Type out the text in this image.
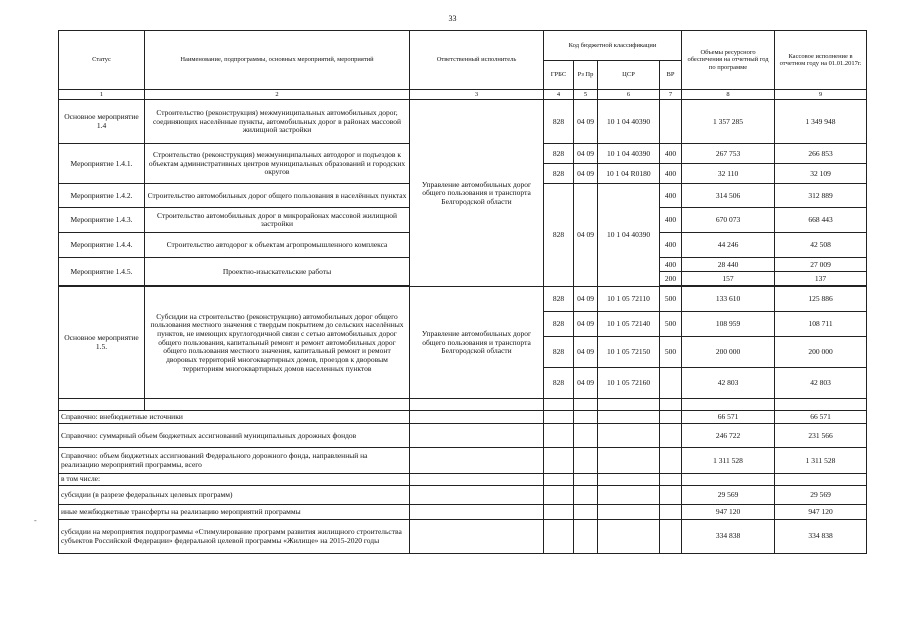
33
-
Статус	Наименование, подпрограммы, основных мероприятий, мероприятий	Ответственный исполнитель	Код бюджетной классификации				Объемы ресурсного обеспечения на отчетный год по программе	Кассовое исполнение в отчетном году на 01.01.2017г.
			ГРБС	Рз Пр	ЦСР	ВР		
1	2	3	4	5	6	7	8	9
Основное мероприятие 1.4	Строительство (реконструкция) межмуниципальных автомобильных дорог, соединяющих населённые пункты, автомобильных дорог в районах массовой жилищной застройки	Управление автомобильных дорог общего пользования и транспорта Белгородской области	828	04 09	10 1 04 40390		1 357 285	1 349 948
Мероприятие 1.4.1.	Строительство (реконструкция) межмуниципальных автодорог и подъездов к объектам административных центров муниципальных образований и городских округов		828	04 09	10 1 04 40390	400	267 753	266 853
			828	04 09	10 1 04 R0180	400	32 110	32 109
Мероприятие 1.4.2.	Строительство автомобильных дорог общего пользования в населённых пунктах		828	04 09	10 1 04 40390	400	314 506	312 889
Мероприятие 1.4.3.	Строительство автомобильных дорог в микрорайонах массовой жилищной застройки					400	670 073	668 443
Мероприятие 1.4.4.	Строительство автодорог к объектам агропромышленного комплекса					400	44 246	42 508
Мероприятие 1.4.5.	Проектно-изыскательские работы					400	28 440	27 009
						200	157	137

Основное мероприятие 1.5.	Субсидии на строительство (реконструкцию) автомобильных дорог общего пользования местного значения с твердым покрытием до сельских населённых пунктов, не имеющих круглогодичной связи с сетью автомобильных дорог общего пользования, капитальный ремонт и ремонт автомобильных дорог общего пользования местного значения, капитальный ремонт и ремонт дворовых территорий многоквартирных домов, проездов к дворовым территориям многоквартирных домов населенных пунктов	Управление автомобильных дорог общего пользования и транспорта Белгородской области	828	04 09	10 1 05 72110	500	133 610	125 886
			828	04 09	10 1 05 72140	500	108 959	108 711
			828	04 09	10 1 05 72150	500	200 000	200 000
			828	04 09	10 1 05 72160		42 803	42 803

Справочно: внебюджетные источники							66 571	66 571
Справочно: суммарный объем бюджетных ассигнований муниципальных дорожных фондов							246 722	231 566
Справочно: объем бюджетных ассигнований Федерального дорожного фонда, направленный на реализацию мероприятий программы, всего							1 311 528	1 311 528
в том числе:								
субсидии (в разрезе федеральных целевых программ)							29 569	29 569
иные межбюджетные трансферты на реализацию мероприятий программы							947 120	947 120
субсидии на мероприятия подпрограммы «Стимулирование программ развития жилищного строительства субъектов Российской Федерации» федеральной целевой программы «Жилище» на 2015-2020 годы							334 838	334 838
